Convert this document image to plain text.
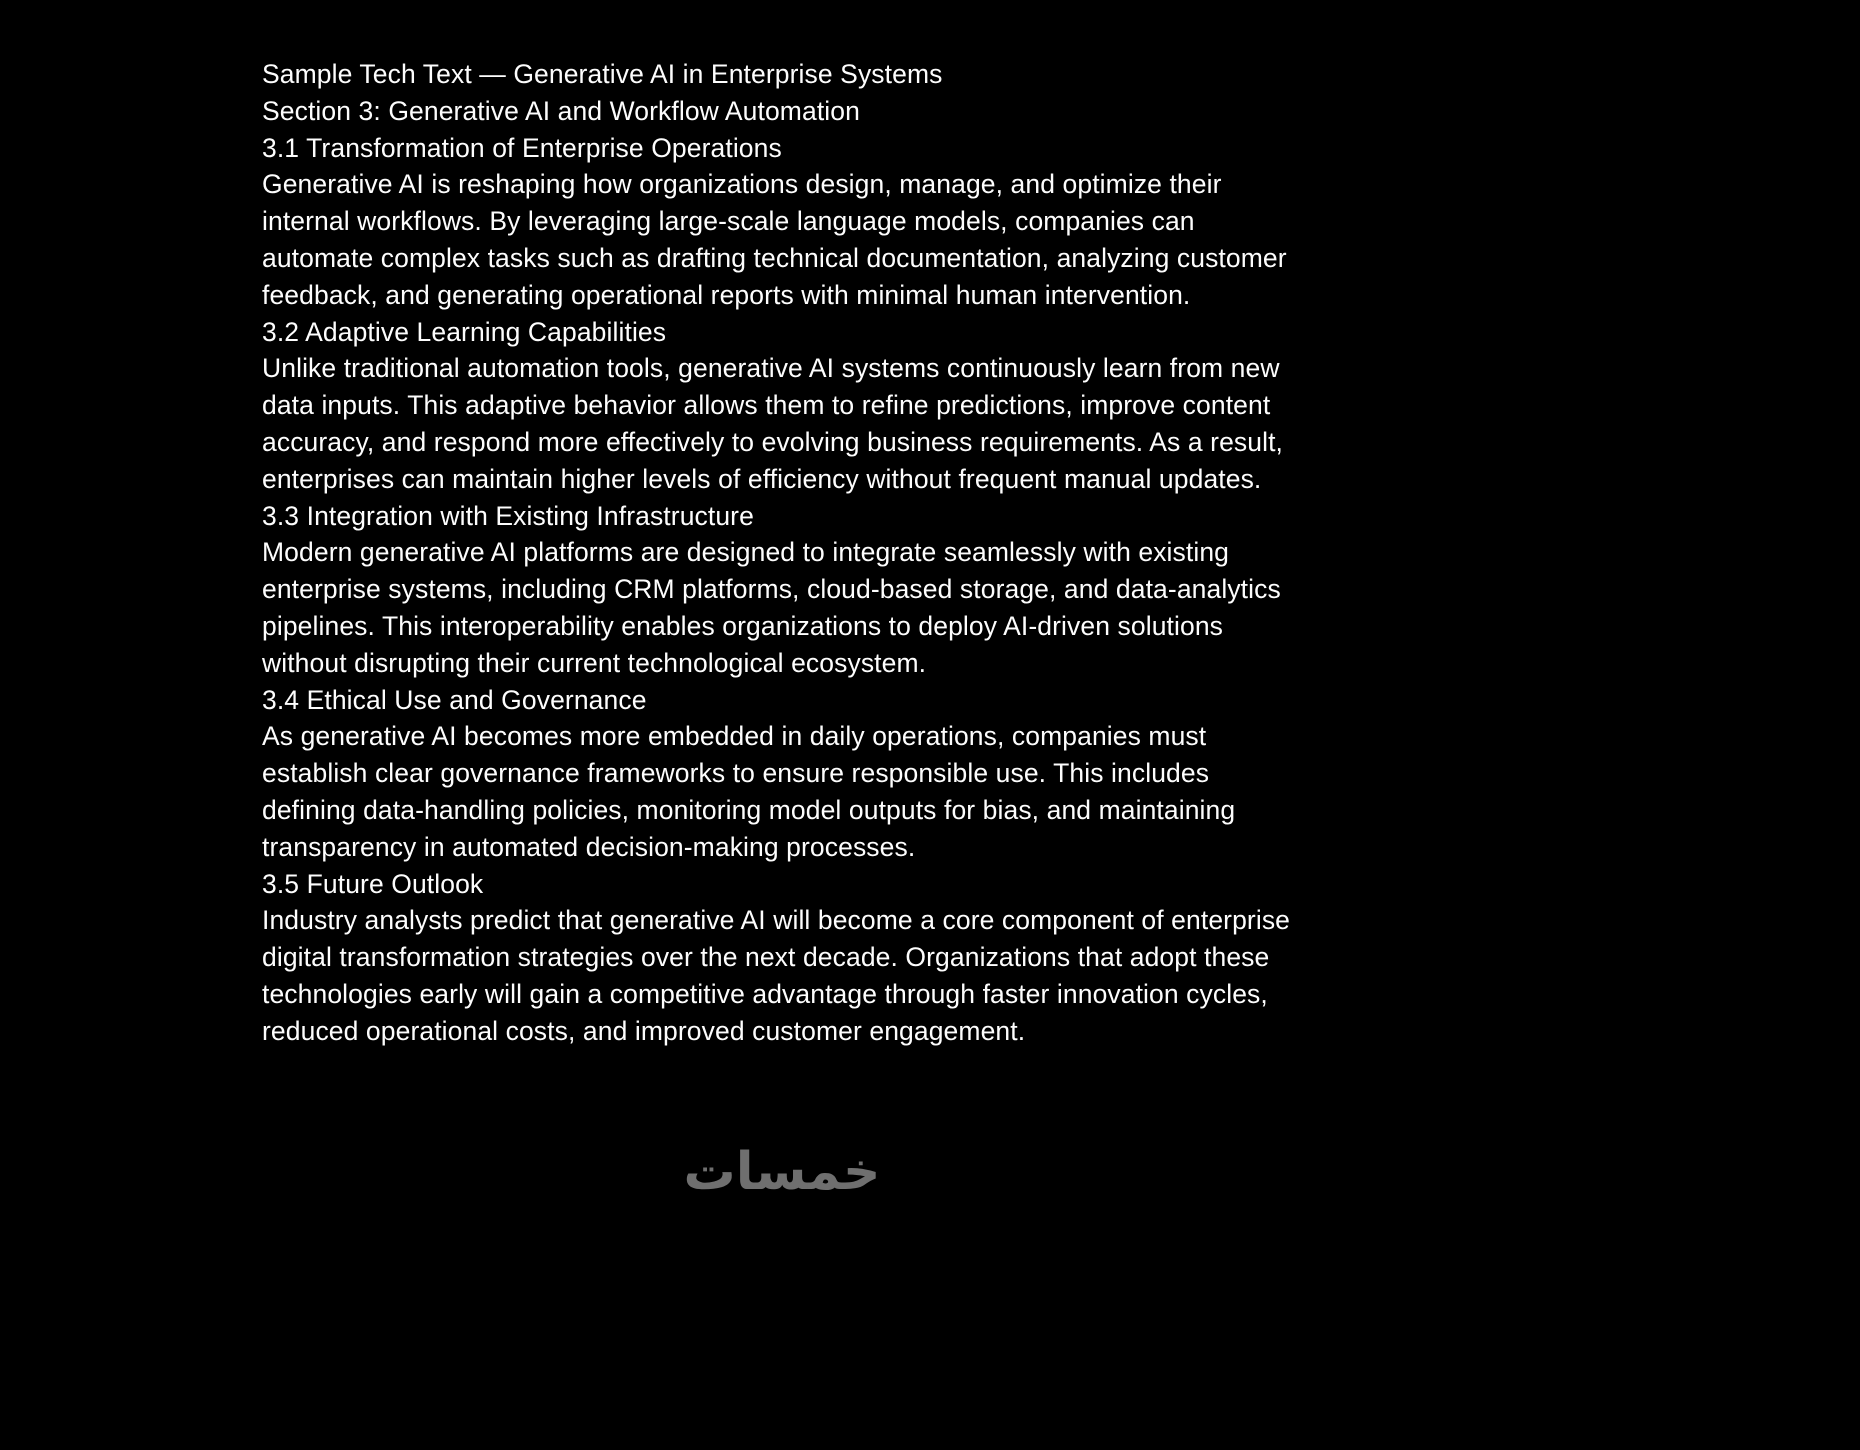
Sample Tech Text — Generative AI in Enterprise Systems
Section 3: Generative AI and Workflow Automation
3.1 Transformation of Enterprise Operations
Generative AI is reshaping how organizations design, manage, and optimize their internal workflows. By leveraging large-scale language models, companies can automate complex tasks such as drafting technical documentation, analyzing customer feedback, and generating operational reports with minimal human intervention.
3.2 Adaptive Learning Capabilities
Unlike traditional automation tools, generative AI systems continuously learn from new data inputs. This adaptive behavior allows them to refine predictions, improve content accuracy, and respond more effectively to evolving business requirements. As a result, enterprises can maintain higher levels of efficiency without frequent manual updates.
3.3 Integration with Existing Infrastructure
Modern generative AI platforms are designed to integrate seamlessly with existing enterprise systems, including CRM platforms, cloud-based storage, and data-analytics pipelines. This interoperability enables organizations to deploy AI-driven solutions without disrupting their current technological ecosystem.
3.4 Ethical Use and Governance
As generative AI becomes more embedded in daily operations, companies must establish clear governance frameworks to ensure responsible use. This includes defining data-handling policies, monitoring model outputs for bias, and maintaining transparency in automated decision-making processes.
3.5 Future Outlook
Industry analysts predict that generative AI will become a core component of enterprise digital transformation strategies over the next decade. Organizations that adopt these technologies early will gain a competitive advantage through faster innovation cycles, reduced operational costs, and improved customer engagement.
خمسات
